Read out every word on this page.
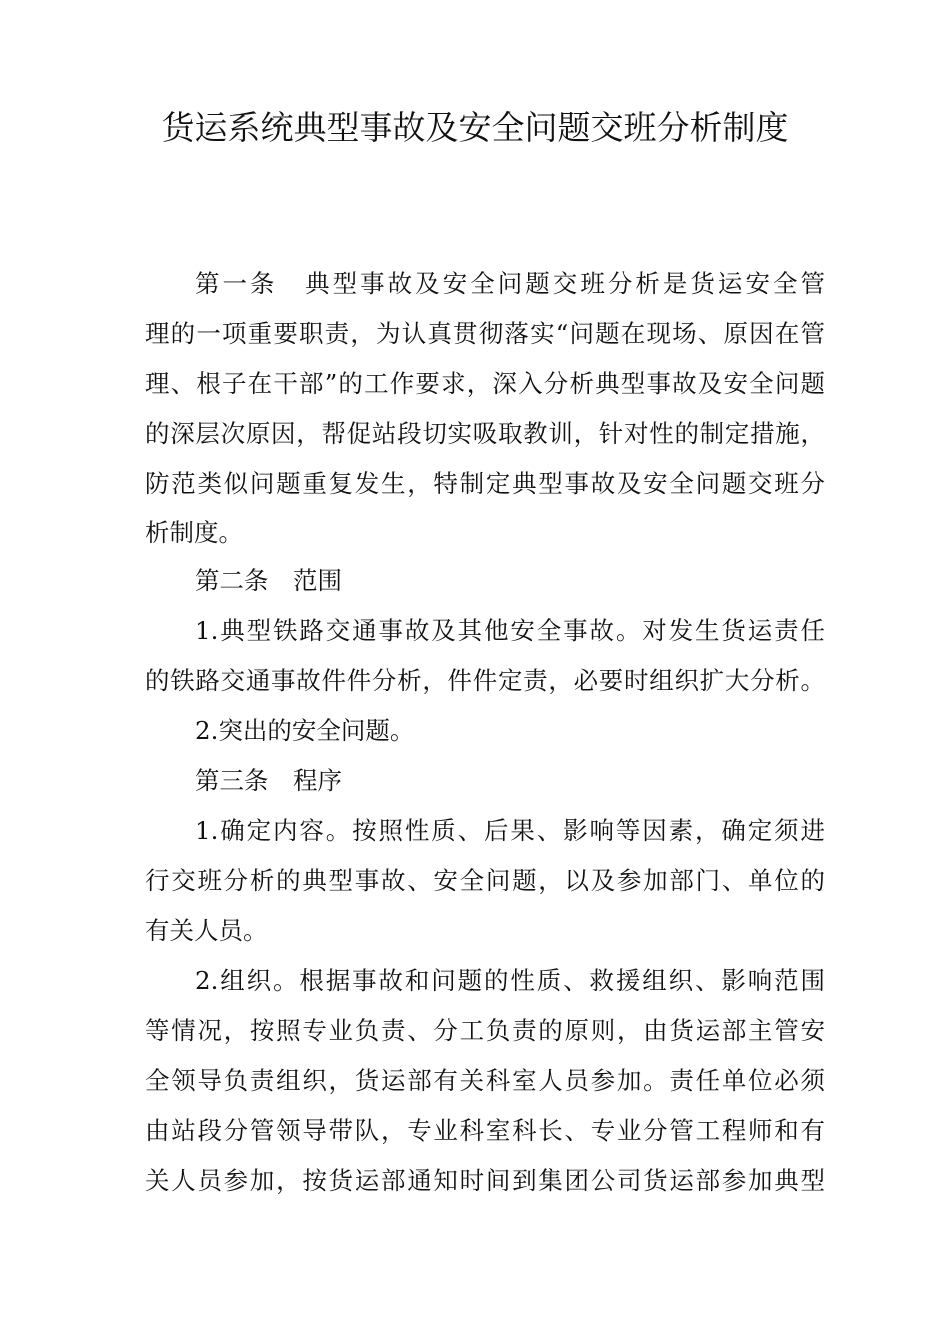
货运系统典型事故及安全问题交班分析制度

第一条　典型事故及安全问题交班分析是货运安全管

理的一项重要职责，为认真贯彻落实“问题在现场、原因在管

理、根子在干部”的工作要求，深入分析典型事故及安全问题

的深层次原因，帮促站段切实吸取教训，针对性的制定措施，

防范类似问题重复发生，特制定典型事故及安全问题交班分

析制度。

第二条　范围

1.典型铁路交通事故及其他安全事故。对发生货运责任

的铁路交通事故件件分析，件件定责，必要时组织扩大分析。

2.突出的安全问题。

第三条　程序

1.确定内容。按照性质、后果、影响等因素，确定须进

行交班分析的典型事故、安全问题，以及参加部门、单位的

有关人员。

2.组织。根据事故和问题的性质、救援组织、影响范围

等情况，按照专业负责、分工负责的原则，由货运部主管安

全领导负责组织，货运部有关科室人员参加。责任单位必须

由站段分管领导带队，专业科室科长、专业分管工程师和有

关人员参加，按货运部通知时间到集团公司货运部参加典型
